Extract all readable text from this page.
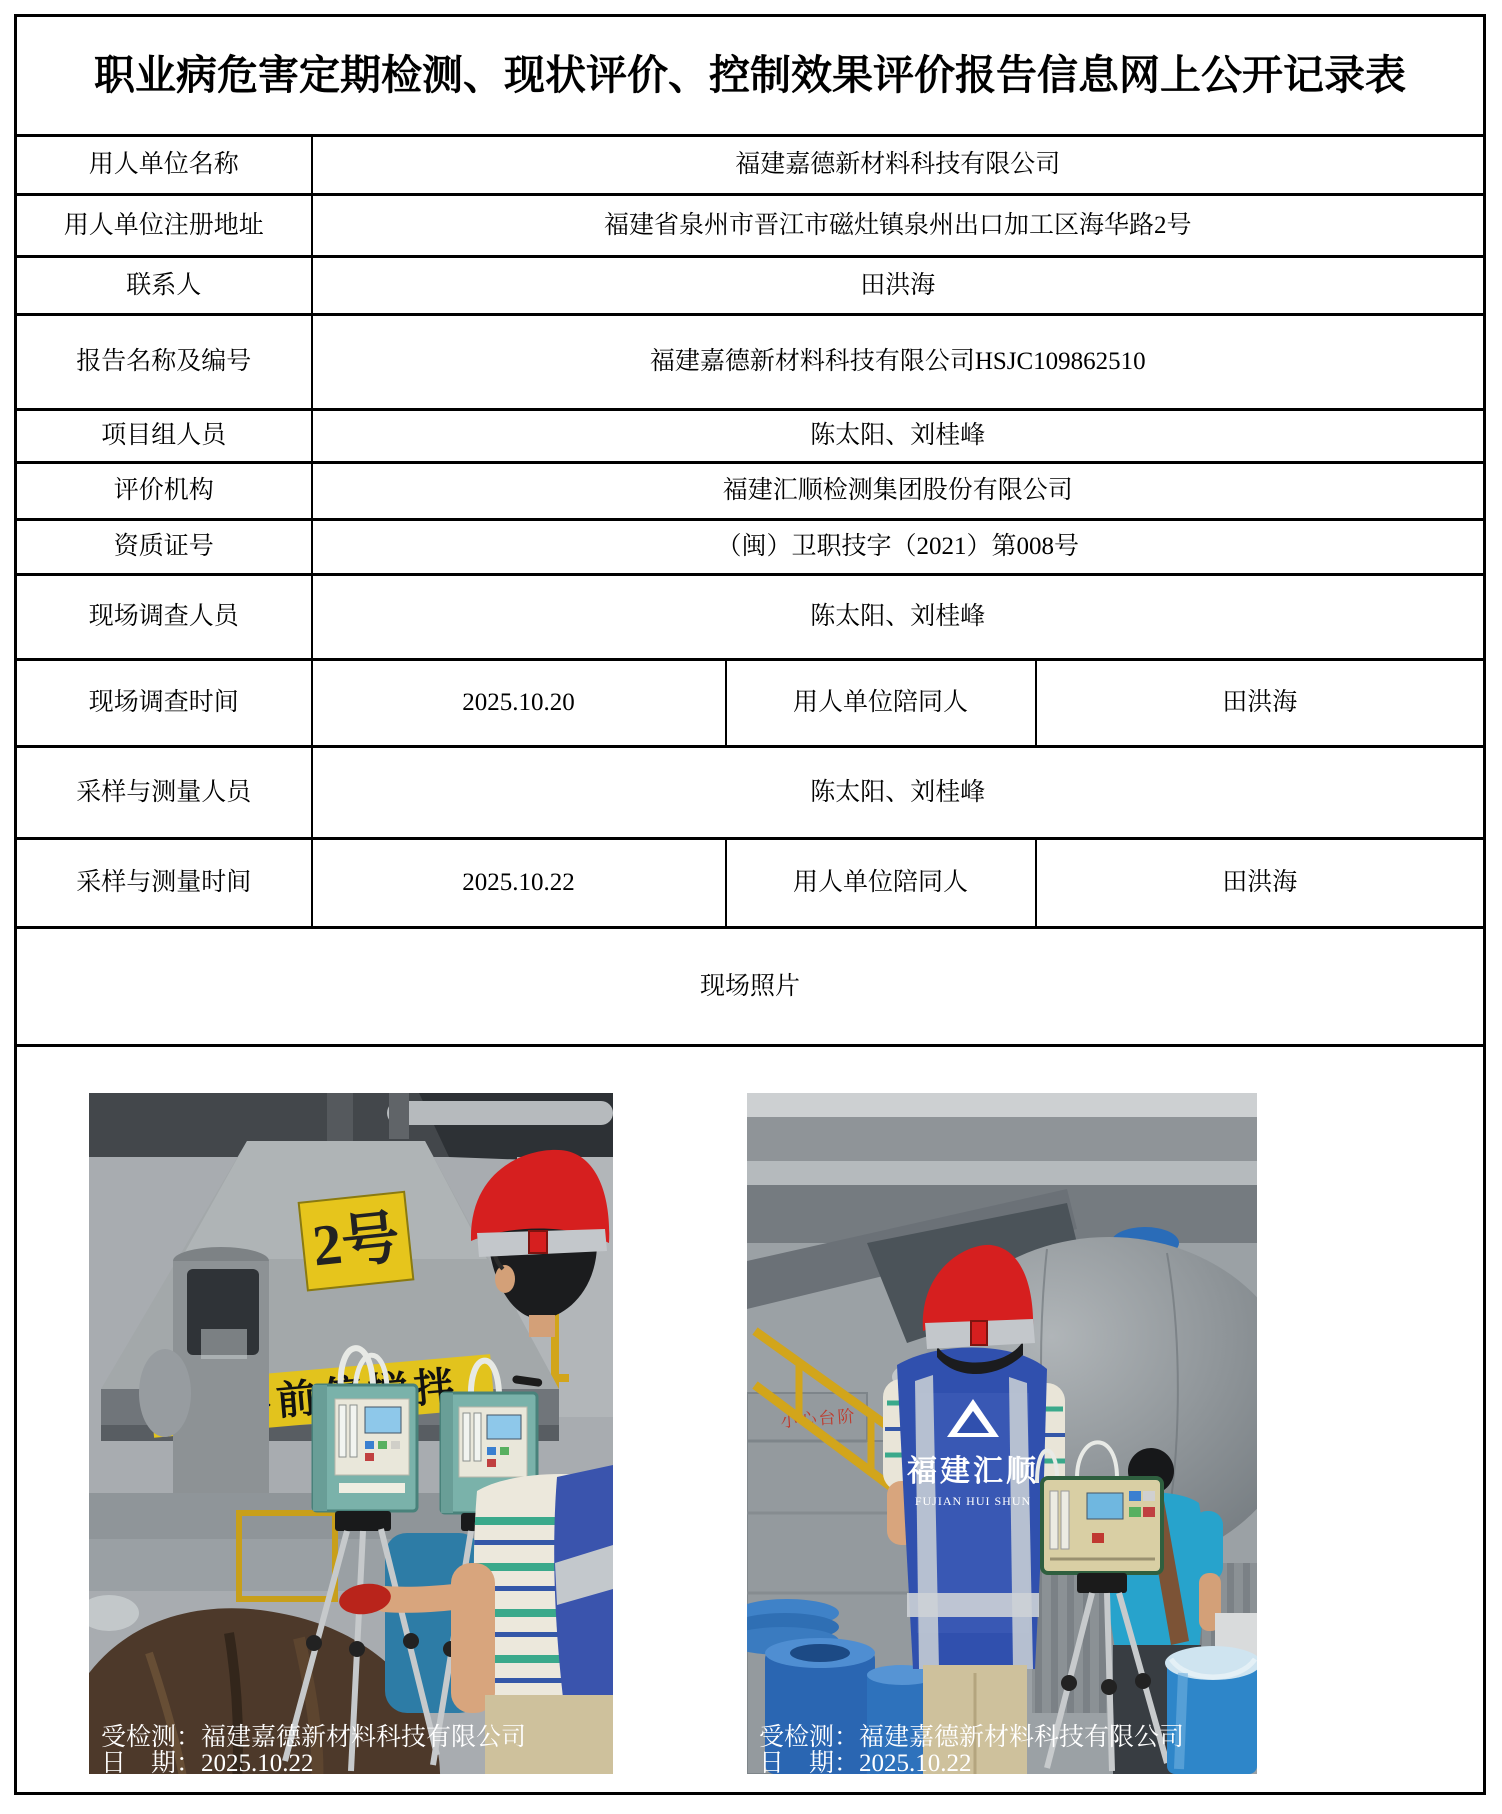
职业病危害定期检测、现状评价、控制效果评价报告信息网上公开记录表			
用人单位名称	福建嘉德新材料科技有限公司		
用人单位注册地址	福建省泉州市晋江市磁灶镇泉州出口加工区海华路2号		
联系人	田洪海		
报告名称及编号	福建嘉德新材料科技有限公司HSJC109862510		
项目组人员	陈太阳、刘桂峰		
评价机构	福建汇顺检测集团股份有限公司		
资质证号	（闽）卫职技字（2021）第008号		
现场调查人员	陈太阳、刘桂峰		
现场调查时间	2025.10.20	用人单位陪同人	田洪海
采样与测量人员	陈太阳、刘桂峰		
采样与测量时间	2025.10.22	用人单位陪同人	田洪海
现场照片			

2号
受检测：福建嘉德新材料科技有限公司
日　期：2025.10.22
小心台阶
福建汇顺
FUJIAN HUI SHUN
受检测：福建嘉德新材料科技有限公司
日　期：2025.10.22
